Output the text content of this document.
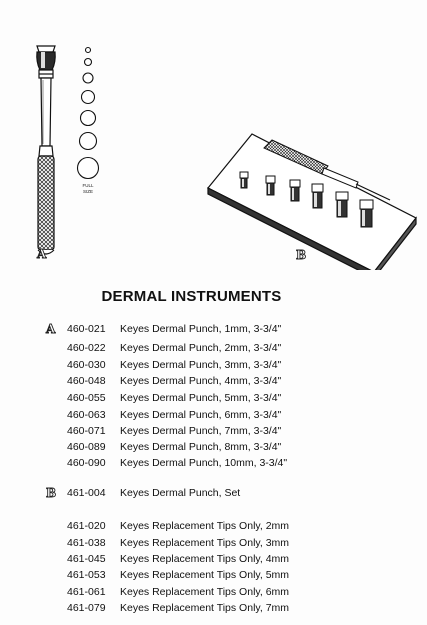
FULL
SIZE
A	B
DERMAL INSTRUMENTS
A 460-021 Keyes Dermal Punch, 1mm, 3-3/4"
460-022 Keyes Dermal Punch, 2mm, 3-3/4"
460-030 Keyes Dermal Punch, 3mm, 3-3/4"
460-048 Keyes Dermal Punch, 4mm, 3-3/4"
460-055 Keyes Dermal Punch, 5mm, 3-3/4"
460-063 Keyes Dermal Punch, 6mm, 3-3/4"
460-071 Keyes Dermal Punch, 7mm, 3-3/4"
460-089 Keyes Dermal Punch, 8mm, 3-3/4"
460-090 Keyes Dermal Punch, 10mm, 3-3/4"
B 461-004 Keyes Dermal Punch, Set
461-020 Keyes Replacement Tips Only, 2mm
461-038 Keyes Replacement Tips Only, 3mm
461-045 Keyes Replacement Tips Only, 4mm
461-053 Keyes Replacement Tips Only, 5mm
461-061 Keyes Replacement Tips Only, 6mm
461-079 Keyes Replacement Tips Only, 7mm
